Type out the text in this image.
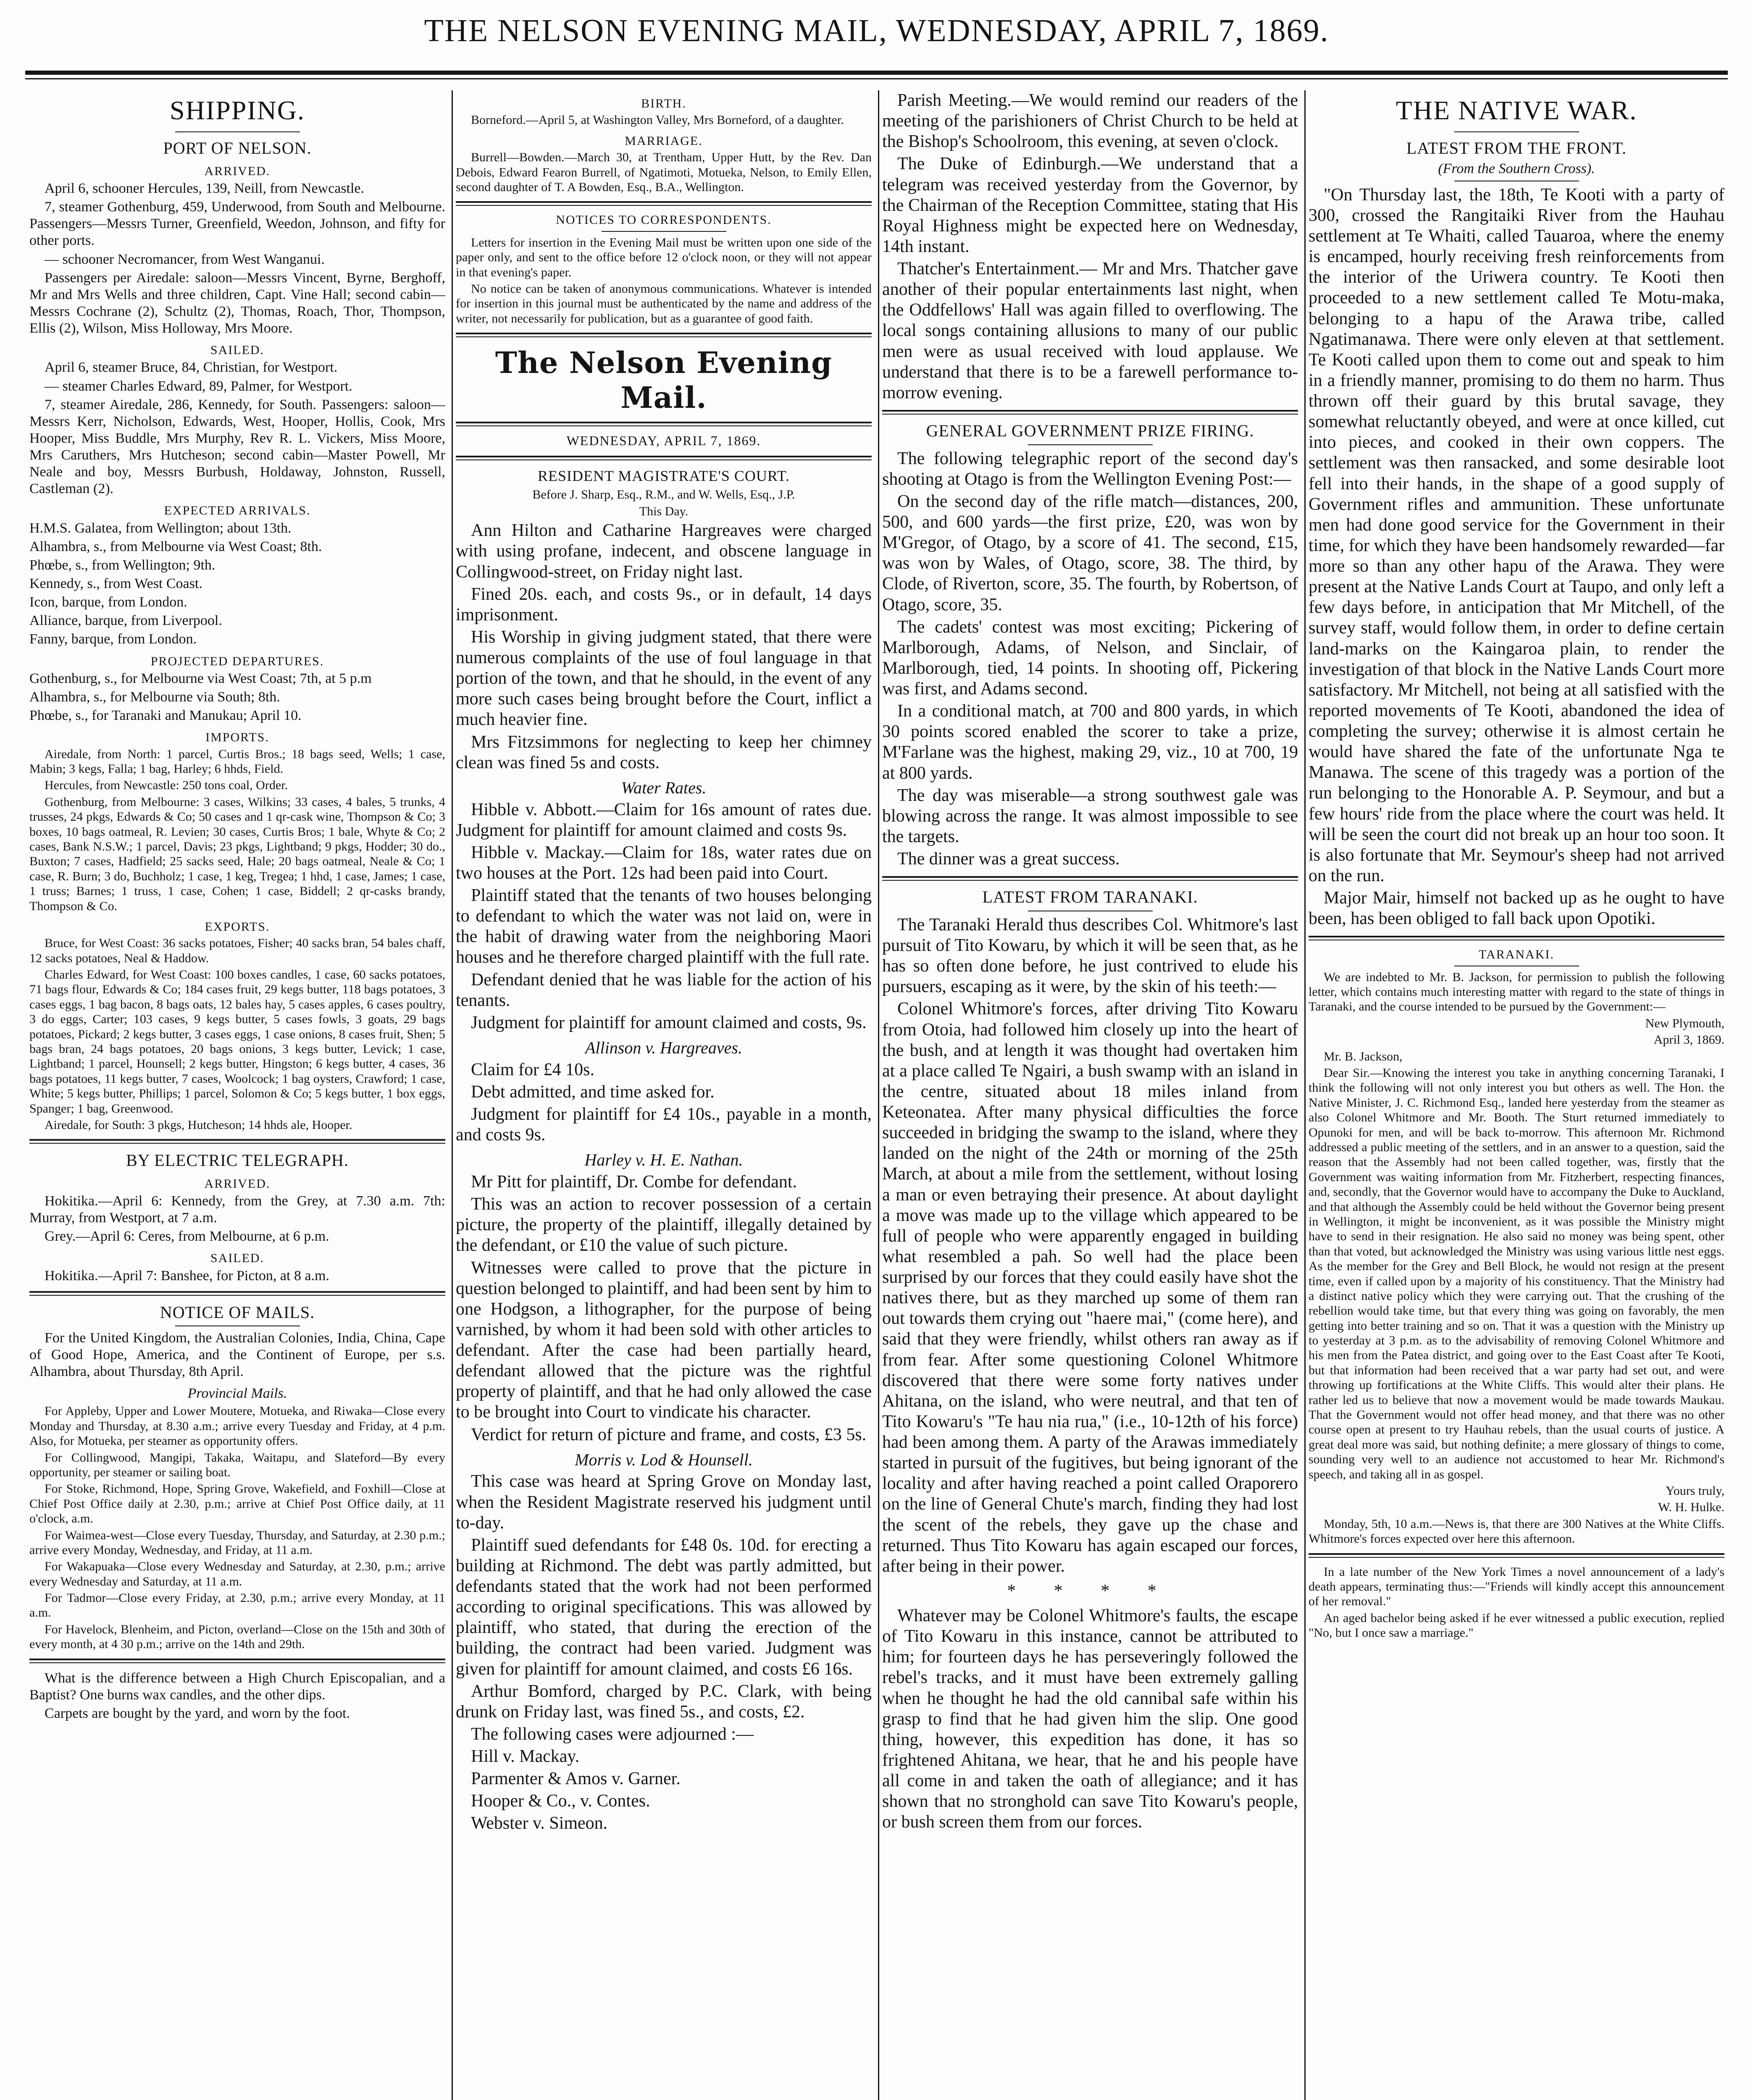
THE NELSON EVENING MAIL, WEDNESDAY, APRIL 7, 1869.
SHIPPING.
PORT OF NELSON.
ARRIVED.

April 6, schooner Hercules, 139, Neill, from Newcastle.

7, steamer Gothenburg, 459, Underwood, from South and Melbourne. Passengers—Messrs Turner, Greenfield, Weedon, Johnson, and fifty for other ports.

— schooner Necromancer, from West Wanganui.

Passengers per Airedale: saloon—Messrs Vincent, Byrne, Berghoff, Mr and Mrs Wells and three children, Capt. Vine Hall; second cabin—Messrs Cochrane (2), Schultz (2), Thomas, Roach, Thor, Thompson, Ellis (2), Wilson, Miss Holloway, Mrs Moore.

SAILED.

April 6, steamer Bruce, 84, Christian, for Westport.

— steamer Charles Edward, 89, Palmer, for Westport.

7, steamer Airedale, 286, Kennedy, for South. Passengers: saloon—Messrs Kerr, Nicholson, Edwards, West, Hooper, Hollis, Cook, Mrs Hooper, Miss Buddle, Mrs Murphy, Rev R. L. Vickers, Miss Moore, Mrs Caruthers, Mrs Hutcheson; second cabin—Master Powell, Mr Neale and boy, Messrs Burbush, Holdaway, Johnston, Russell, Castleman (2).

EXPECTED ARRIVALS.

H.M.S. Galatea, from Wellington; about 13th.

Alhambra, s., from Melbourne via West Coast; 8th.

Phœbe, s., from Wellington; 9th.

Kennedy, s., from West Coast.

Icon, barque, from London.

Alliance, barque, from Liverpool.

Fanny, barque, from London.

PROJECTED DEPARTURES.

Gothenburg, s., for Melbourne via West Coast; 7th, at 5 p.m

Alhambra, s., for Melbourne via South; 8th.

Phœbe, s., for Taranaki and Manukau; April 10.

IMPORTS.

Airedale, from North: 1 parcel, Curtis Bros.; 18 bags seed, Wells; 1 case, Mabin; 3 kegs, Falla; 1 bag, Harley; 6 hhds, Field.

Hercules, from Newcastle: 250 tons coal, Order.

Gothenburg, from Melbourne: 3 cases, Wilkins; 33 cases, 4 bales, 5 trunks, 4 trusses, 24 pkgs, Edwards & Co; 50 cases and 1 qr-cask wine, Thompson & Co; 3 boxes, 10 bags oatmeal, R. Levien; 30 cases, Curtis Bros; 1 bale, Whyte & Co; 2 cases, Bank N.S.W.; 1 parcel, Davis; 23 pkgs, Lightband; 9 pkgs, Hodder; 30 do., Buxton; 7 cases, Hadfield; 25 sacks seed, Hale; 20 bags oatmeal, Neale & Co; 1 case, R. Burn; 3 do, Buchholz; 1 case, 1 keg, Tregea; 1 hhd, 1 case, James; 1 case, 1 truss; Barnes; 1 truss, 1 case, Cohen; 1 case, Biddell; 2 qr-casks brandy, Thompson & Co.

EXPORTS.

Bruce, for West Coast: 36 sacks potatoes, Fisher; 40 sacks bran, 54 bales chaff, 12 sacks potatoes, Neal & Haddow.

Charles Edward, for West Coast: 100 boxes candles, 1 case, 60 sacks potatoes, 71 bags flour, Edwards & Co; 184 cases fruit, 29 kegs butter, 118 bags potatoes, 3 cases eggs, 1 bag bacon, 8 bags oats, 12 bales hay, 5 cases apples, 6 cases poultry, 3 do eggs, Carter; 103 cases, 9 kegs butter, 5 cases fowls, 3 goats, 29 bags potatoes, Pickard; 2 kegs butter, 3 cases eggs, 1 case onions, 8 cases fruit, Shen; 5 bags bran, 24 bags potatoes, 20 bags onions, 3 kegs butter, Levick; 1 case, Lightband; 1 parcel, Hounsell; 2 kegs butter, Hingston; 6 kegs butter, 4 cases, 36 bags potatoes, 11 kegs butter, 7 cases, Woolcock; 1 bag oysters, Crawford; 1 case, White; 5 kegs butter, Phillips; 1 parcel, Solomon & Co; 5 kegs butter, 1 box eggs, Spanger; 1 bag, Greenwood.

Airedale, for South: 3 pkgs, Hutcheson; 14 hhds ale, Hooper.

BY ELECTRIC TELEGRAPH.
ARRIVED.

Hokitika.—April 6: Kennedy, from the Grey, at 7.30 a.m. 7th: Murray, from Westport, at 7 a.m.

Grey.—April 6: Ceres, from Melbourne, at 6 p.m.

SAILED.

Hokitika.—April 7: Banshee, for Picton, at 8 a.m.

NOTICE OF MAILS.

For the United Kingdom, the Australian Colonies, India, China, Cape of Good Hope, America, and the Continent of Europe, per s.s. Alhambra, about Thursday, 8th April.

Provincial Mails.

For Appleby, Upper and Lower Moutere, Motueka, and Riwaka—Close every Monday and Thursday, at 8.30 a.m.; arrive every Tuesday and Friday, at 4 p.m. Also, for Motueka, per steamer as opportunity offers.

For Collingwood, Mangipi, Takaka, Waitapu, and Slateford—By every opportunity, per steamer or sailing boat.

For Stoke, Richmond, Hope, Spring Grove, Wakefield, and Foxhill—Close at Chief Post Office daily at 2.30, p.m.; arrive at Chief Post Office daily, at 11 o'clock, a.m.

For Waimea-west—Close every Tuesday, Thursday, and Saturday, at 2.30 p.m.; arrive every Monday, Wednesday, and Friday, at 11 a.m.

For Wakapuaka—Close every Wednesday and Saturday, at 2.30, p.m.; arrive every Wednesday and Saturday, at 11 a.m.

For Tadmor—Close every Friday, at 2.30, p.m.; arrive every Monday, at 11 a.m.

For Havelock, Blenheim, and Picton, overland—Close on the 15th and 30th of every month, at 4 30 p.m.; arrive on the 14th and 29th.

What is the difference between a High Church Episcopalian, and a Baptist? One burns wax candles, and the other dips.

Carpets are bought by the yard, and worn by the foot.

BIRTH.

Borneford.—April 5, at Washington Valley, Mrs Borneford, of a daughter.

MARRIAGE.

Burrell—Bowden.—March 30, at Trentham, Upper Hutt, by the Rev. Dan Debois, Edward Fearon Burrell, of Ngatimoti, Motueka, Nelson, to Emily Ellen, second daughter of T. A Bowden, Esq., B.A., Wellington.

NOTICES TO CORRESPONDENTS.

Letters for insertion in the Evening Mail must be written upon one side of the paper only, and sent to the office before 12 o'clock noon, or they will not appear in that evening's paper.

No notice can be taken of anonymous communications. Whatever is intended for insertion in this journal must be authenticated by the name and address of the writer, not necessarily for publication, but as a guarantee of good faith.

The Nelson Evening Mail.
WEDNESDAY, APRIL 7, 1869.
RESIDENT MAGISTRATE'S COURT.

Before J. Sharp, Esq., R.M., and W. Wells, Esq., J.P.

This Day.

Ann Hilton and Catharine Hargreaves were charged with using profane, indecent, and obscene language in Collingwood-street, on Friday night last.

Fined 20s. each, and costs 9s., or in default, 14 days imprisonment.

His Worship in giving judgment stated, that there were numerous complaints of the use of foul language in that portion of the town, and that he should, in the event of any more such cases being brought before the Court, inflict a much heavier fine.

Mrs Fitzsimmons for neglecting to keep her chimney clean was fined 5s and costs.

Water Rates.

Hibble v. Abbott.—Claim for 16s amount of rates due. Judgment for plaintiff for amount claimed and costs 9s.

Hibble v. Mackay.—Claim for 18s, water rates due on two houses at the Port. 12s had been paid into Court.

Plaintiff stated that the tenants of two houses belonging to defendant to which the water was not laid on, were in the habit of drawing water from the neighboring Maori houses and he therefore charged plaintiff with the full rate.

Defendant denied that he was liable for the action of his tenants.

Judgment for plaintiff for amount claimed and costs, 9s.

Allinson v. Hargreaves.

Claim for £4 10s.

Debt admitted, and time asked for.

Judgment for plaintiff for £4 10s., payable in a month, and costs 9s.

Harley v. H. E. Nathan.

Mr Pitt for plaintiff, Dr. Combe for defendant.

This was an action to recover possession of a certain picture, the property of the plaintiff, illegally detained by the defendant, or £10 the value of such picture.

Witnesses were called to prove that the picture in question belonged to plaintiff, and had been sent by him to one Hodgson, a lithographer, for the purpose of being varnished, by whom it had been sold with other articles to defendant. After the case had been partially heard, defendant allowed that the picture was the rightful property of plaintiff, and that he had only allowed the case to be brought into Court to vindicate his character.

Verdict for return of picture and frame, and costs, £3 5s.

Morris v. Lod & Hounsell.

This case was heard at Spring Grove on Monday last, when the Resident Magistrate reserved his judgment until to-day.

Plaintiff sued defendants for £48 0s. 10d. for erecting a building at Richmond. The debt was partly admitted, but defendants stated that the work had not been performed according to original specifications. This was allowed by plaintiff, who stated, that during the erection of the building, the contract had been varied. Judgment was given for plaintiff for amount claimed, and costs £6 16s.

Arthur Bomford, charged by P.C. Clark, with being drunk on Friday last, was fined 5s., and costs, £2.

The following cases were adjourned :—

Hill v. Mackay.

Parmenter & Amos v. Garner.

Hooper & Co., v. Contes.

Webster v. Simeon.

Parish Meeting.—We would remind our readers of the meeting of the parishioners of Christ Church to be held at the Bishop's Schoolroom, this evening, at seven o'clock.

The Duke of Edinburgh.—We understand that a telegram was received yesterday from the Governor, by the Chairman of the Reception Committee, stating that His Royal Highness might be expected here on Wednesday, 14th instant.

Thatcher's Entertainment.— Mr and Mrs. Thatcher gave another of their popular entertainments last night, when the Oddfellows' Hall was again filled to overflowing. The local songs containing allusions to many of our public men were as usual received with loud applause. We understand that there is to be a farewell performance to-morrow evening.

GENERAL GOVERNMENT PRIZE FIRING.

The following telegraphic report of the second day's shooting at Otago is from the Wellington Evening Post:—

On the second day of the rifle match—distances, 200, 500, and 600 yards—the first prize, £20, was won by M'Gregor, of Otago, by a score of 41. The second, £15, was won by Wales, of Otago, score, 38. The third, by Clode, of Riverton, score, 35. The fourth, by Robertson, of Otago, score, 35.

The cadets' contest was most exciting; Pickering of Marlborough, Adams, of Nelson, and Sinclair, of Marlborough, tied, 14 points. In shooting off, Pickering was first, and Adams second.

In a conditional match, at 700 and 800 yards, in which 30 points scored enabled the scorer to take a prize, M'Farlane was the highest, making 29, viz., 10 at 700, 19 at 800 yards.

The day was miserable—a strong southwest gale was blowing across the range. It was almost impossible to see the targets.

The dinner was a great success.

LATEST FROM TARANAKI.

The Taranaki Herald thus describes Col. Whitmore's last pursuit of Tito Kowaru, by which it will be seen that, as he has so often done before, he just contrived to elude his pursuers, escaping as it were, by the skin of his teeth:—

Colonel Whitmore's forces, after driving Tito Kowaru from Otoia, had followed him closely up into the heart of the bush, and at length it was thought had overtaken him at a place called Te Ngairi, a bush swamp with an island in the centre, situated about 18 miles inland from Keteonatea. After many physical difficulties the force succeeded in bridging the swamp to the island, where they landed on the night of the 24th or morning of the 25th March, at about a mile from the settlement, without losing a man or even betraying their presence. At about daylight a move was made up to the village which appeared to be full of people who were apparently engaged in building what resembled a pah. So well had the place been surprised by our forces that they could easily have shot the natives there, but as they marched up some of them ran out towards them crying out "haere mai," (come here), and said that they were friendly, whilst others ran away as if from fear. After some questioning Colonel Whitmore discovered that there were some forty natives under Ahitana, on the island, who were neutral, and that ten of Tito Kowaru's "Te hau nia rua," (i.e., 10-12th of his force) had been among them. A party of the Arawas immediately started in pursuit of the fugitives, but being ignorant of the locality and after having reached a point called Oraporero on the line of General Chute's march, finding they had lost the scent of the rebels, they gave up the chase and returned. Thus Tito Kowaru has again escaped our forces, after being in their power.

* * * *

Whatever may be Colonel Whitmore's faults, the escape of Tito Kowaru in this instance, cannot be attributed to him; for fourteen days he has perseveringly followed the rebel's tracks, and it must have been extremely galling when he thought he had the old cannibal safe within his grasp to find that he had given him the slip. One good thing, however, this expedition has done, it has so frightened Ahitana, we hear, that he and his people have all come in and taken the oath of allegiance; and it has shown that no stronghold can save Tito Kowaru's people, or bush screen them from our forces.

THE NATIVE WAR.
LATEST FROM THE FRONT.

(From the Southern Cross).

"On Thursday last, the 18th, Te Kooti with a party of 300, crossed the Rangitaiki River from the Hauhau settlement at Te Whaiti, called Tauaroa, where the enemy is encamped, hourly receiving fresh reinforcements from the interior of the Uriwera country. Te Kooti then proceeded to a new settlement called Te Motu-maka, belonging to a hapu of the Arawa tribe, called Ngatimanawa. There were only eleven at that settlement. Te Kooti called upon them to come out and speak to him in a friendly manner, promising to do them no harm. Thus thrown off their guard by this brutal savage, they somewhat reluctantly obeyed, and were at once killed, cut into pieces, and cooked in their own coppers. The settlement was then ransacked, and some desirable loot fell into their hands, in the shape of a good supply of Government rifles and ammunition. These unfortunate men had done good service for the Government in their time, for which they have been handsomely rewarded—far more so than any other hapu of the Arawa. They were present at the Native Lands Court at Taupo, and only left a few days before, in anticipation that Mr Mitchell, of the survey staff, would follow them, in order to define certain land-marks on the Kaingaroa plain, to render the investigation of that block in the Native Lands Court more satisfactory. Mr Mitchell, not being at all satisfied with the reported movements of Te Kooti, abandoned the idea of completing the survey; otherwise it is almost certain he would have shared the fate of the unfortunate Nga te Manawa. The scene of this tragedy was a portion of the run belonging to the Honorable A. P. Seymour, and but a few hours' ride from the place where the court was held. It will be seen the court did not break up an hour too soon. It is also fortunate that Mr. Seymour's sheep had not arrived on the run.

Major Mair, himself not backed up as he ought to have been, has been obliged to fall back upon Opotiki.

TARANAKI.

We are indebted to Mr. B. Jackson, for permission to publish the following letter, which contains much interesting matter with regard to the state of things in Taranaki, and the course intended to be pursued by the Government:—

New Plymouth,

April 3, 1869.

Mr. B. Jackson,

Dear Sir.—Knowing the interest you take in anything concerning Taranaki, I think the following will not only interest you but others as well. The Hon. the Native Minister, J. C. Richmond Esq., landed here yesterday from the steamer as also Colonel Whitmore and Mr. Booth. The Sturt returned immediately to Opunoki for men, and will be back to-morrow. This afternoon Mr. Richmond addressed a public meeting of the settlers, and in an answer to a question, said the reason that the Assembly had not been called together, was, firstly that the Government was waiting information from Mr. Fitzherbert, respecting finances, and, secondly, that the Governor would have to accompany the Duke to Auckland, and that although the Assembly could be held without the Governor being present in Wellington, it might be inconvenient, as it was possible the Ministry might have to send in their resignation. He also said no money was being spent, other than that voted, but acknowledged the Ministry was using various little nest eggs. As the member for the Grey and Bell Block, he would not resign at the present time, even if called upon by a majority of his constituency. That the Ministry had a distinct native policy which they were carrying out. That the crushing of the rebellion would take time, but that every thing was going on favorably, the men getting into better training and so on. That it was a question with the Ministry up to yesterday at 3 p.m. as to the advisability of removing Colonel Whitmore and his men from the Patea district, and going over to the East Coast after Te Kooti, but that information had been received that a war party had set out, and were throwing up fortifications at the White Cliffs. This would alter their plans. He rather led us to believe that now a movement would be made towards Maukau. That the Government would not offer head money, and that there was no other course open at present to try Hauhau rebels, than the usual courts of justice. A great deal more was said, but nothing definite; a mere glossary of things to come, sounding very well to an audience not accustomed to hear Mr. Richmond's speech, and taking all in as gospel.

Yours truly,

W. H. Hulke.

Monday, 5th, 10 a.m.—News is, that there are 300 Natives at the White Cliffs. Whitmore's forces expected over here this afternoon.

In a late number of the New York Times a novel announcement of a lady's death appears, terminating thus:—"Friends will kindly accept this announcement of her removal."

An aged bachelor being asked if he ever witnessed a public execution, replied "No, but I once saw a marriage."
